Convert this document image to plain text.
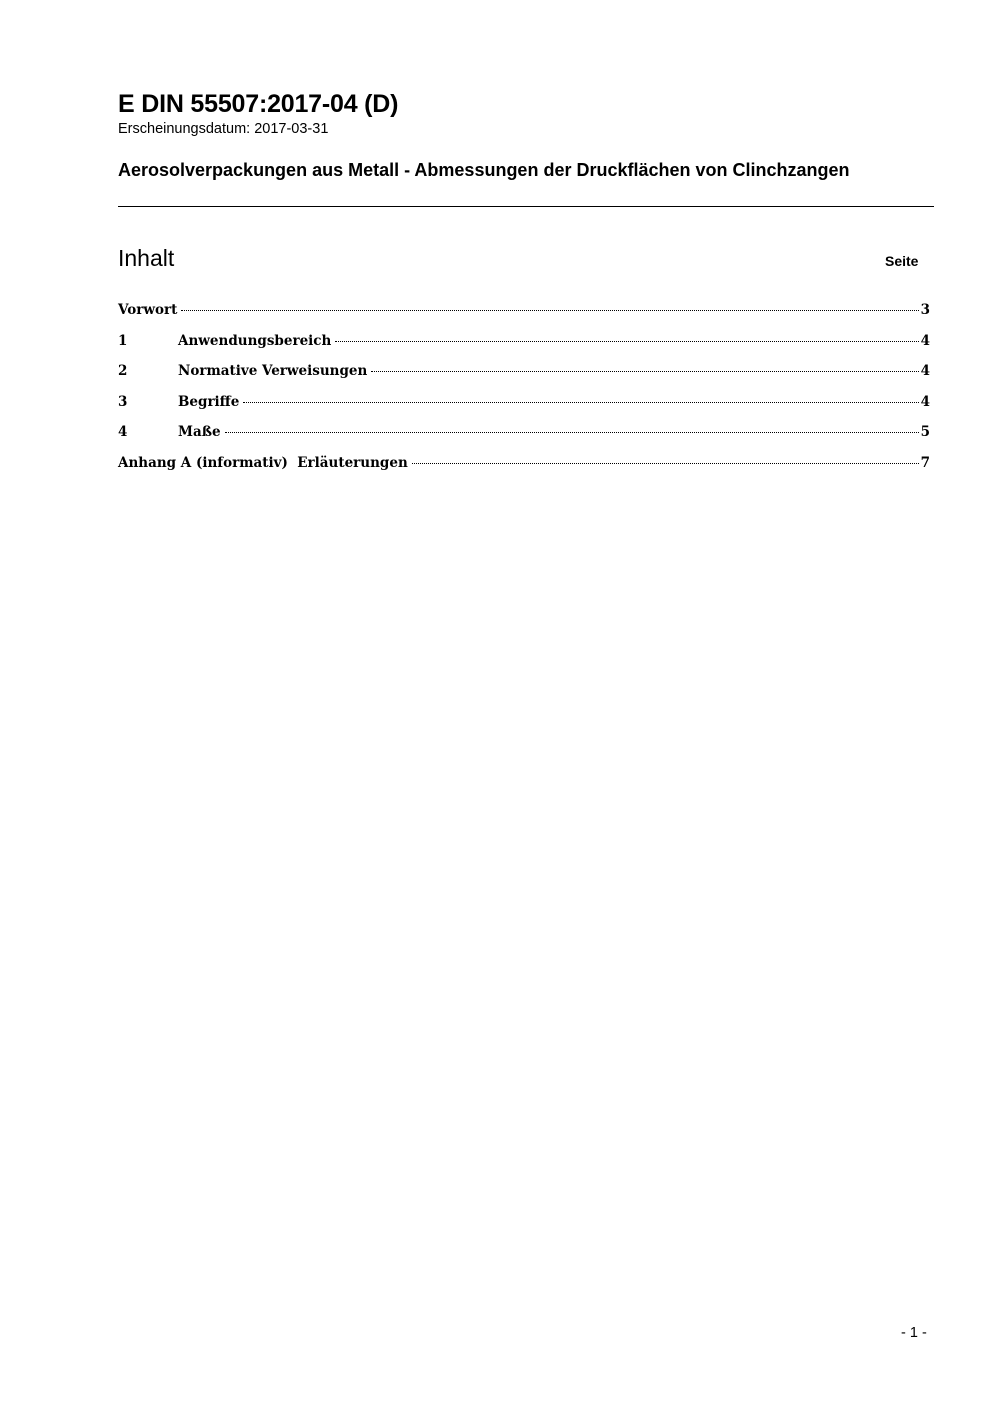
E DIN 55507:2017-04 (D)
Erscheinungsdatum: 2017-03-31
Aerosolverpackungen aus Metall - Abmessungen der Druckflächen von Clinchzangen
Inhalt	Seite
Vorwort	3
1	Anwendungsbereich	4
2	Normative Verweisungen	4
3	Begriffe	4
4	Maße	5
Anhang A (informativ)  Erläuterungen	7
- 1 -
